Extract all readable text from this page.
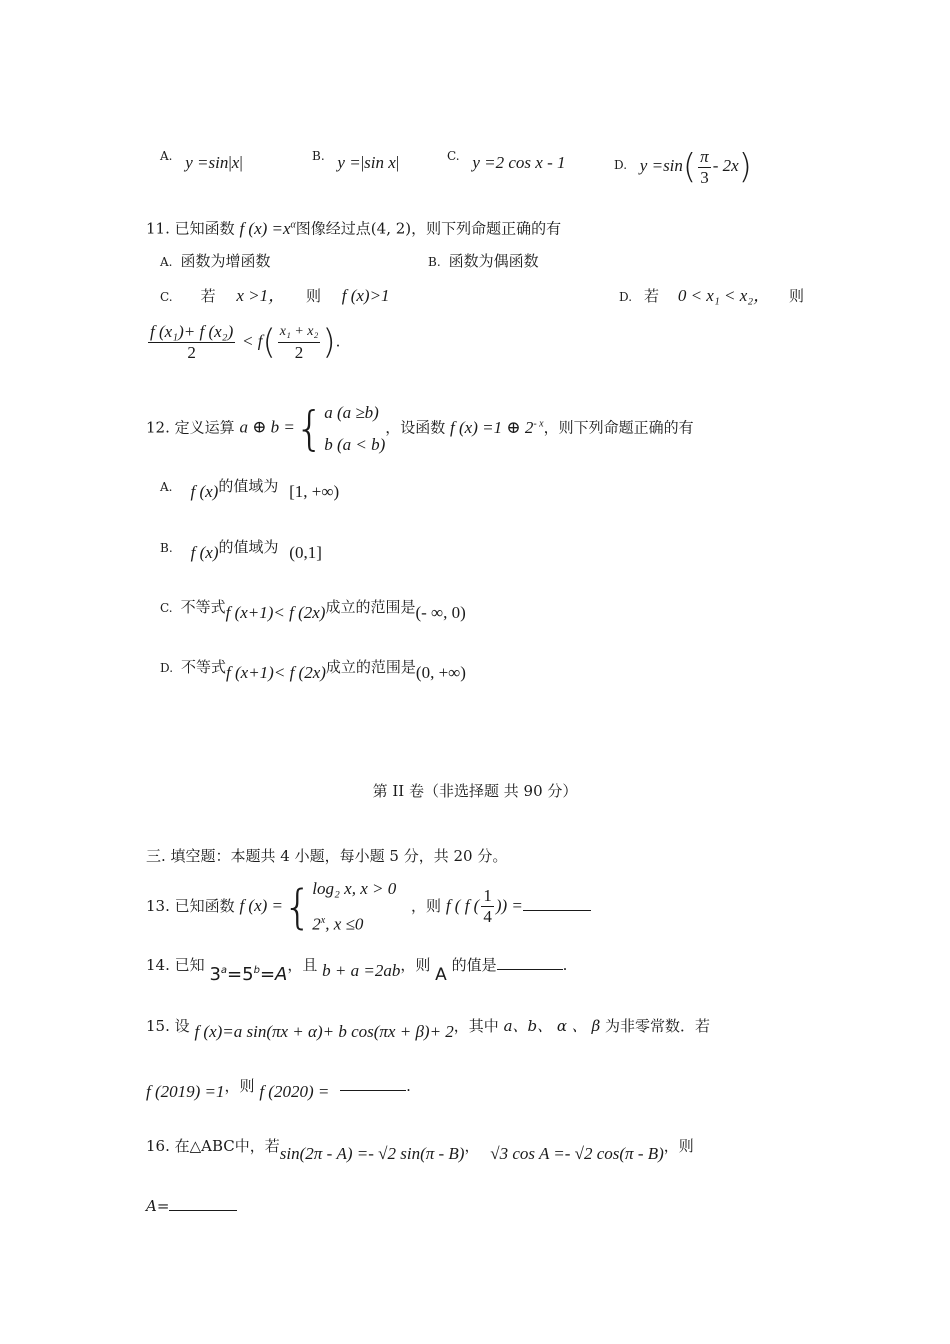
A. y =sin|x|	B. y =|sin x|	C. y =2 cos x - 1	D. $y =\sin( \frac{\pi}{3} - 2x)$
11. 已知函数 f $(x) =x^\alpha$图像经过点(4, 2)，则下列命题正确的有
A. 函数为增函数	B. 函数为偶函数
C. 若 x >1， 则 f (x)>1	D. 若 0 < x₁ < x₂， 则
$\frac{\text{f (x₁)+ f (x₂)}}{2} < f( \frac{\text{x₁ + x₂}}{2}$ ).
12. 定义运算 a ⊕ b ={ a (a ≥b)
b (a < b)
，设函数 f (x) =1 ⊕ $2^{- x}$，则下列命题正确的有
A. f (x)的值域为 [1, +∞)
B. f (x)的值域为 (0,1]
C. 不等式f (x+1)< f (2x)成立的范围是(- ∞, 0)
D. 不等式f (x+1)< f (2x)成立的范围是(0, +∞)
第 II 卷（非选择题 共 90 分）
三. 填空题：本题共 4 小题，每小题 5 分，共 20 分。
13. 已知函数 f (x) ={ log₂ x, x > 0
2$^x$, x ≤0
，则 f ( f ( $\frac{1}{4}$ )) =
14. 已知 $3^a=5^b=A$，且 b + a =2ab，则 A 的值是	.
15. 设 f (x)=a sin(πx + α)+ b cos(πx + β)+ 2，其中 a、b、 α 、 β 为非零常数．若
f (2019) =1，则 f (2020) =	.
16. 在△ABC中，若sin(2π - A) =- √2 sin(π - B)， √3 cos A =- √2 cos(π - B)，则
A=
